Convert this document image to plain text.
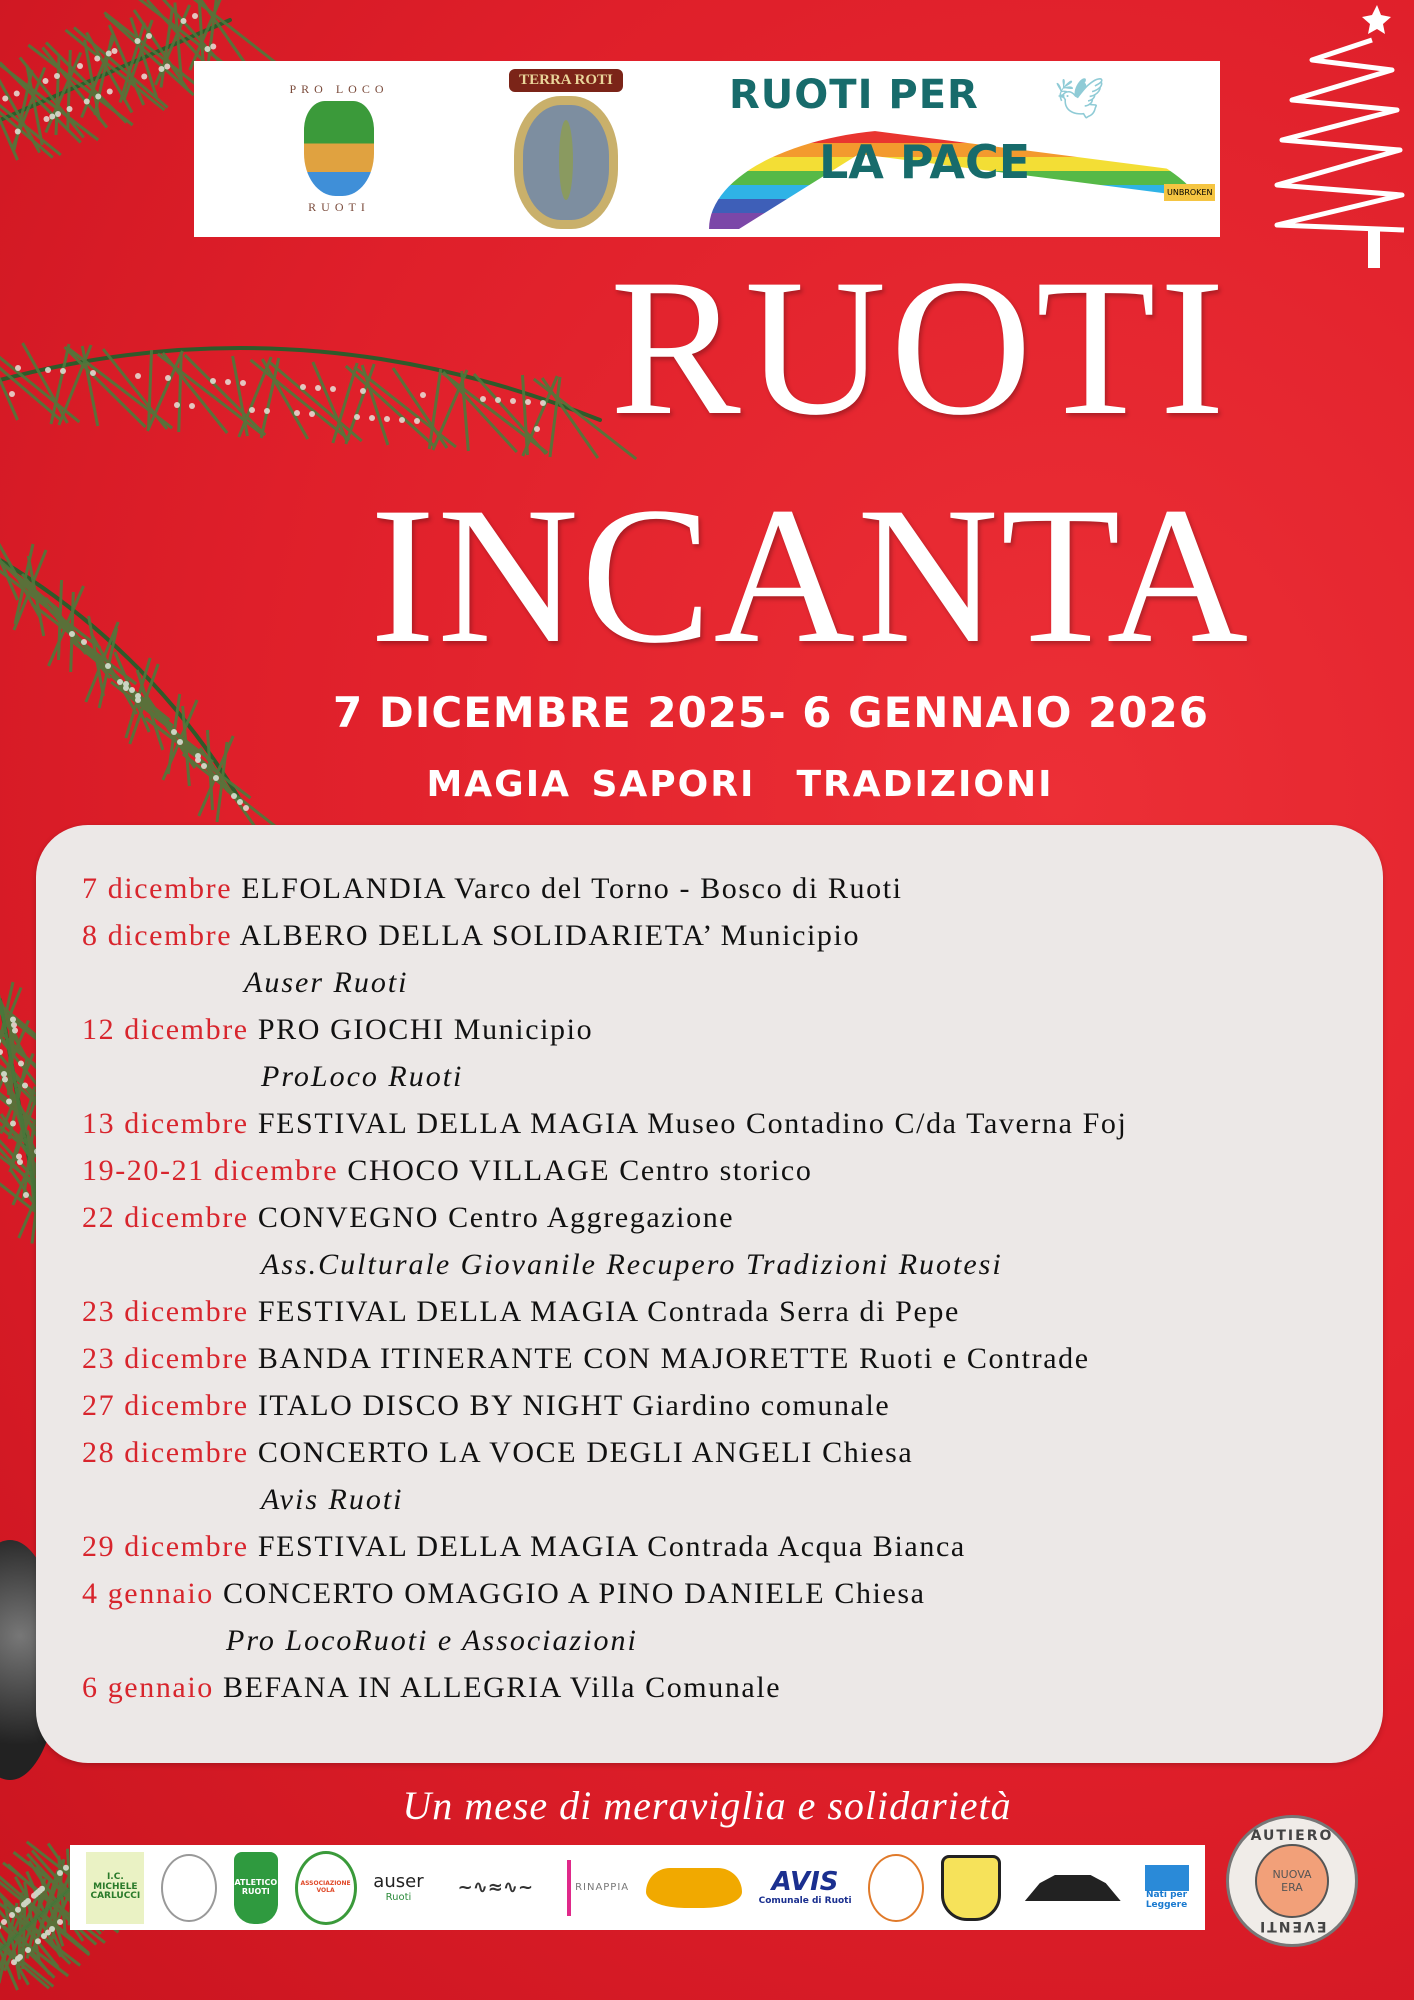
PRO LOCO
RUOTI
TERRA ROTI	RUOTI PER
LA PACE
🕊
UNBROKEN
RUOTI
INCANTA
7 DICEMBRE 2025- 6 GENNAIO 2026
MAGIA SAPORI  TRADIZIONI
7 dicembre ELFOLANDIA Varco del Torno - Bosco di Ruoti
8 dicembre ALBERO DELLA SOLIDARIETA’ Municipio
Auser Ruoti
12 dicembre PRO GIOCHI Municipio
ProLoco Ruoti
13 dicembre FESTIVAL DELLA MAGIA Museo Contadino C/da Taverna Foj
19-20-21 dicembre CHOCO VILLAGE Centro storico
22 dicembre CONVEGNO Centro Aggregazione
Ass.Culturale Giovanile Recupero Tradizioni Ruotesi
23 dicembre FESTIVAL DELLA MAGIA Contrada Serra di Pepe
23 dicembre BANDA ITINERANTE CON MAJORETTE Ruoti e Contrade
27 dicembre ITALO DISCO BY NIGHT Giardino comunale
28 dicembre CONCERTO LA VOCE DEGLI ANGELI Chiesa
Avis Ruoti
29 dicembre FESTIVAL DELLA MAGIA Contrada Acqua Bianca
4 gennaio CONCERTO OMAGGIO A PINO DANIELE Chiesa
Pro LocoRuoti e Associazioni
6 gennaio BEFANA IN ALLEGRIA Villa Comunale
Un mese di meraviglia e solidarietà
I.C. MICHELE CARLUCCI
ATLETICO RUOTI
ASSOCIAZIONE VOLA	auser
Ruoti	~∿≈∿~	RINAPPIA	AVIS
Comunale di Ruoti
Nati per Leggere
AUTIERO
NUOVA
ERA
EVENTI
